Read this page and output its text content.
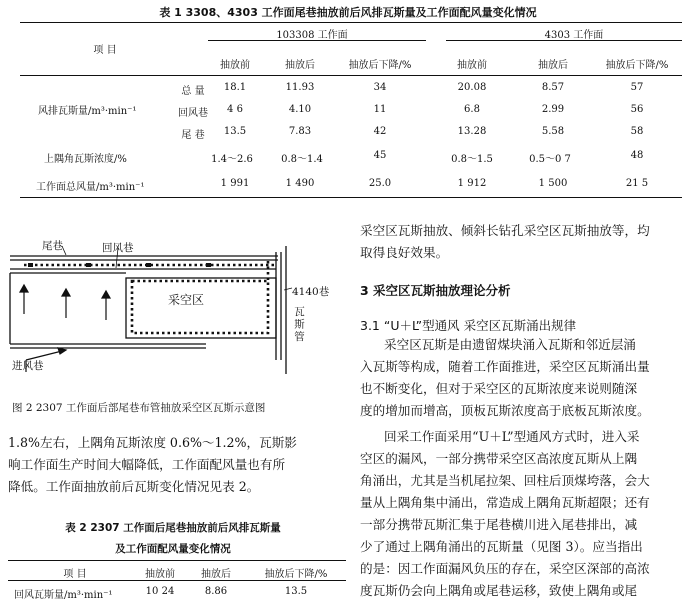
表 1 3308、4303 工作面尾巷抽放前后风排瓦斯量及工作面配风量变化情况
项 目
103308 工作面	4303 工作面
抽放前	抽放后	抽放后下降/%	抽放前	抽放后	抽放后下降/%
风排瓦斯量/m³·min⁻¹
总 量	18.1	11.93	34	20.08	8.57	57
回风巷	4 6	4.10	11	6.8	2.99	56
尾 巷	13.5	7.83	42	13.28	5.58	58
上隅角瓦斯浓度/%	1.4～2.6	0.8～1.4	45	0.8～1.5	0.5～0 7	48
工作面总风量/m³·min⁻¹	1 991	1 490	25.0	1 912	1 500	21 5
尾巷	回风巷
采空区
4140巷
瓦斯管
进风巷
图 2 2307 工作面后部尾巷布管抽放采空区瓦斯示意图
1.8%左右，上隅角瓦斯浓度 0.6%～1.2%，瓦斯影
响工作面生产时间大幅降低，工作面配风量也有所
降低。工作面抽放前后瓦斯变化情况见表 2。
表 2 2307 工作面后尾巷抽放前后风排瓦斯量
及工作面配风量变化情况
项 目	抽放前	抽放后	抽放后下降/%
回风瓦斯量/m³·min⁻¹	10 24	8.86	13.5
采空区瓦斯抽放、倾斜长钻孔采空区瓦斯抽放等，均
取得良好效果。
3 采空区瓦斯抽放理论分析
3.1 “U＋L”型通风 采空区瓦斯涌出规律
采空区瓦斯是由遗留煤块涌入瓦斯和邻近层涌
入瓦斯等构成，随着工作面推进，采空区瓦斯涌出量
也不断变化，但对于采空区的瓦斯浓度来说则随深
度的增加而增高，顶板瓦斯浓度高于底板瓦斯浓度。
回采工作面采用“U＋L”型通风方式时，进入采
空区的漏风，一部分携带采空区高浓度瓦斯从上隅
角涌出，尤其是当机尾拉架、回柱后顶煤垮落，会大
量从上隅角集中涌出，常造成上隅角瓦斯超限；还有
一部分携带瓦斯汇集于尾巷横川进入尾巷排出，减
少了通过上隅角涌出的瓦斯量（见图 3）。应当指出
的是：因工作面漏风负压的存在，采空区深部的高浓
度瓦斯仍会向上隅角或尾巷运移，致使上隅角或尾
